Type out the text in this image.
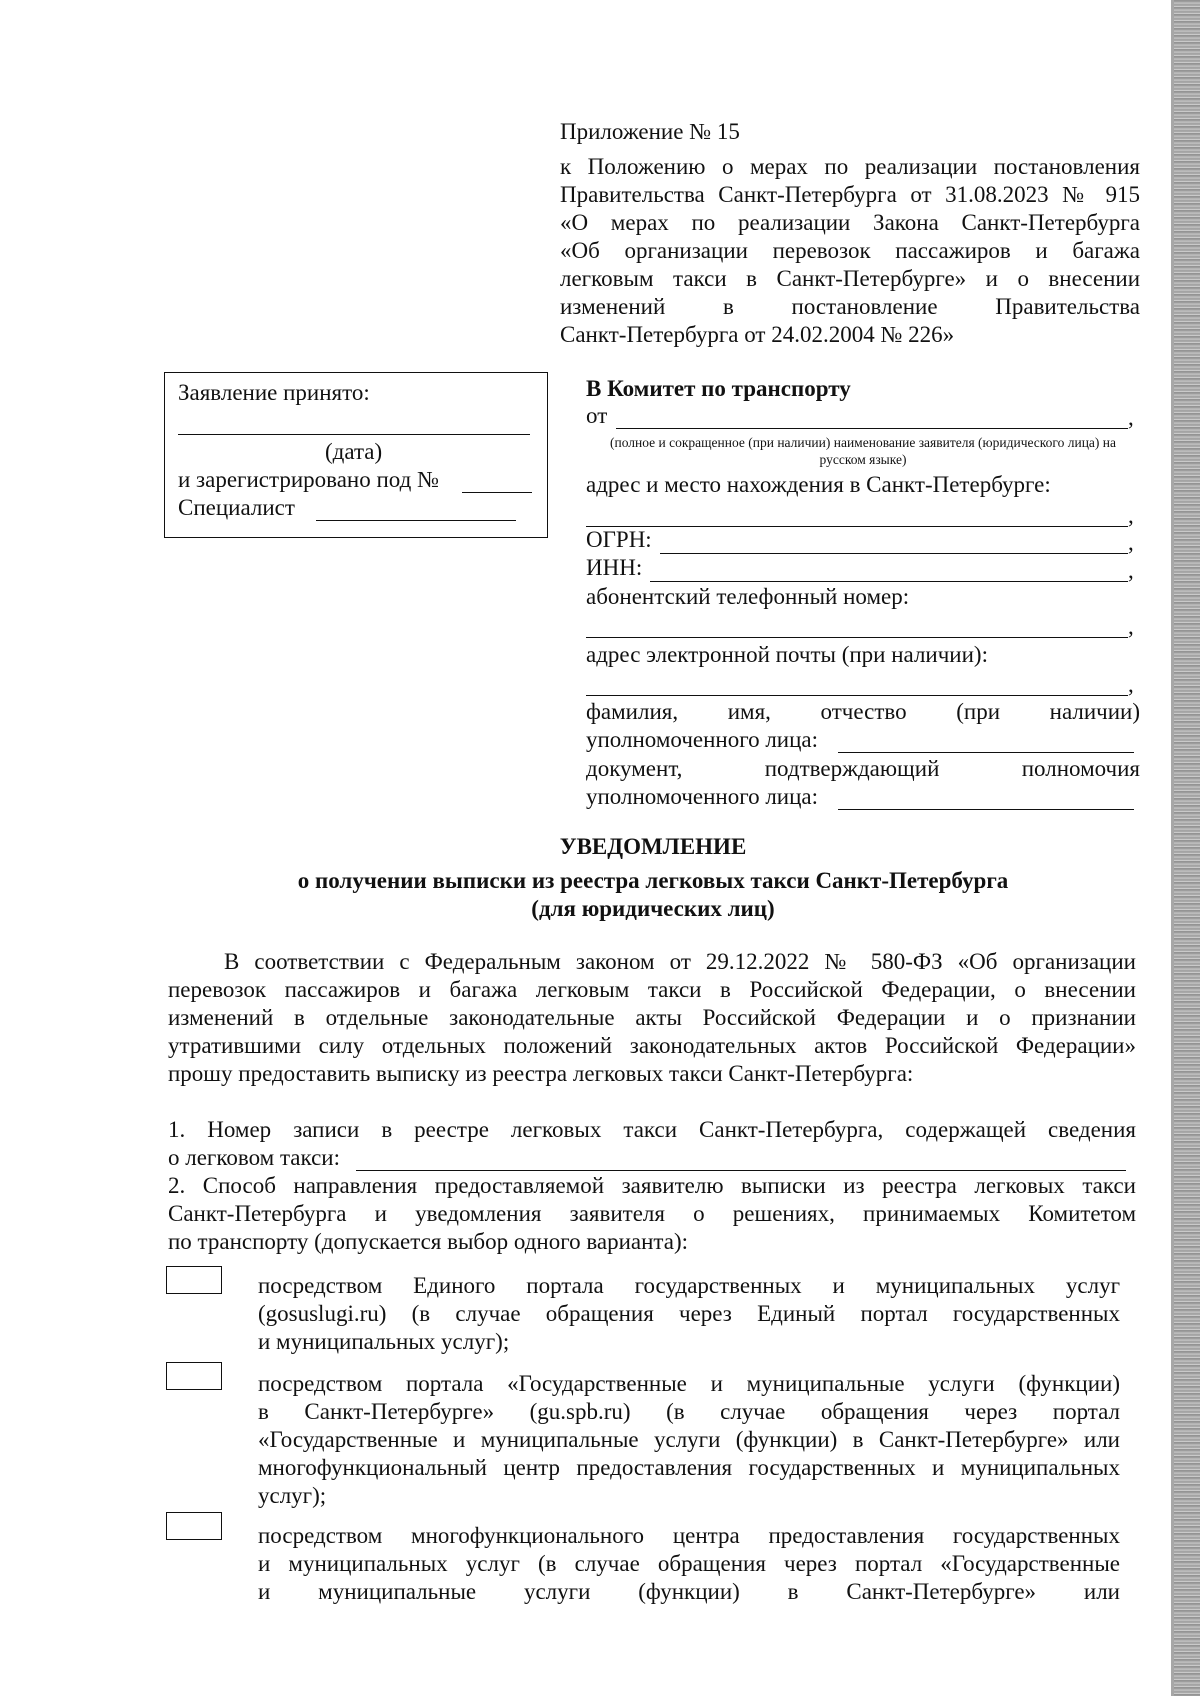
Приложение № 15
к Положению о мерах по реализации постановления
Правительства Санкт-Петербурга от 31.08.2023 № 915
«О мерах по реализации Закона Санкт-Петербурга
«Об организации перевозок пассажиров и багажа
легковым такси в Санкт-Петербурге» и о внесении
изменений в постановление Правительства
Санкт-Петербурга от 24.02.2004 № 226»
Заявление принято:
(дата)
и зарегистрировано под №
Специалист
В Комитет по транспорту
от	,
(полное и сокращенное (при наличии) наименование заявителя (юридического лица) на русском языке)
адрес и место нахождения в Санкт-Петербурге:
,
ОГРН:	,
ИНН:	,
абонентский телефонный номер:
,
адрес электронной почты (при наличии):
,
фамилия, имя, отчество (при наличии)
уполномоченного лица:
документ, подтверждающий полномочия
уполномоченного лица:
УВЕДОМЛЕНИЕ
о получении выписки из реестра легковых такси Санкт-Петербурга
(для юридических лиц)
В соответствии с Федеральным законом от 29.12.2022 № 580-ФЗ «Об организации
перевозок пассажиров и багажа легковым такси в Российской Федерации, о внесении
изменений в отдельные законодательные акты Российской Федерации и о признании
утратившими силу отдельных положений законодательных актов Российской Федерации»
прошу предоставить выписку из реестра легковых такси Санкт-Петербурга:
1. Номер записи в реестре легковых такси Санкт-Петербурга, содержащей сведения
о легковом такси:
2. Способ направления предоставляемой заявителю выписки из реестра легковых такси
Санкт-Петербурга и уведомления заявителя о решениях, принимаемых Комитетом
по транспорту (допускается выбор одного варианта):
посредством Единого портала государственных и муниципальных услуг
(gosuslugi.ru) (в случае обращения через Единый портал государственных
и муниципальных услуг);
посредством портала «Государственные и муниципальные услуги (функции)
в Санкт-Петербурге» (gu.spb.ru) (в случае обращения через портал
«Государственные и муниципальные услуги (функции) в Санкт-Петербурге» или
многофункциональный центр предоставления государственных и муниципальных
услуг);
посредством многофункционального центра предоставления государственных
и муниципальных услуг (в случае обращения через портал «Государственные
и муниципальные услуги (функции) в Санкт-Петербурге» или
